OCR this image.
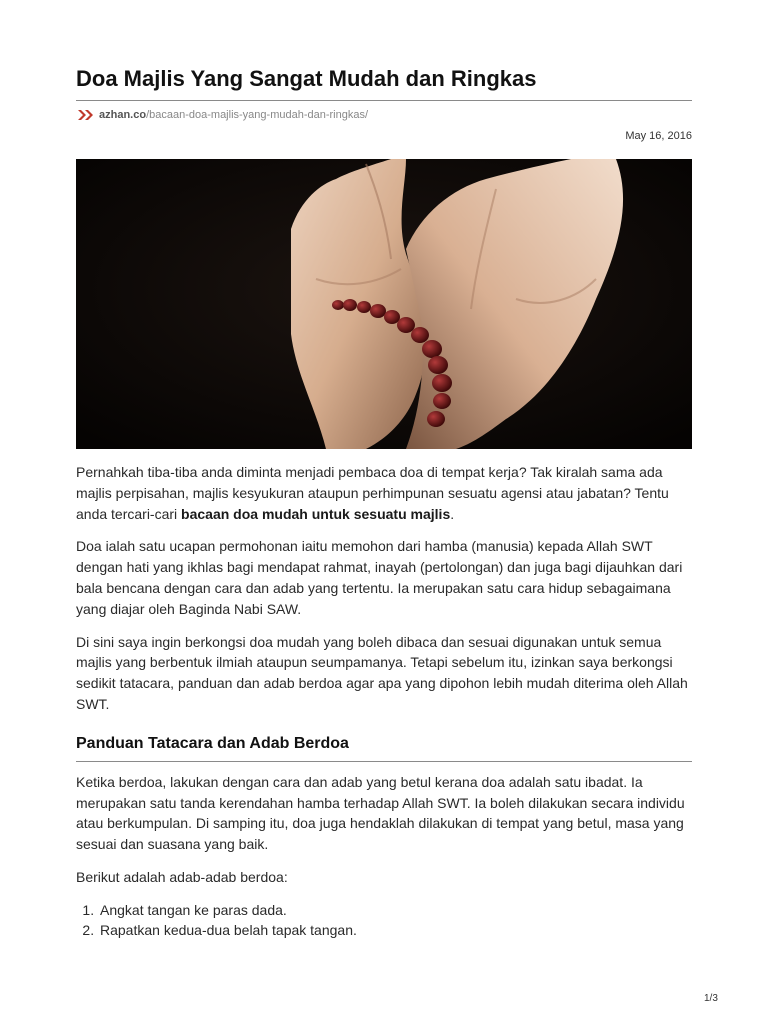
Doa Majlis Yang Sangat Mudah dan Ringkas
azhan.co/bacaan-doa-majlis-yang-mudah-dan-ringkas/
May 16, 2016

Pernahkah tiba-tiba anda diminta menjadi pembaca doa di tempat kerja? Tak kiralah sama ada majlis perpisahan, majlis kesyukuran ataupun perhimpunan sesuatu agensi atau jabatan? Tentu anda tercari-cari bacaan doa mudah untuk sesuatu majlis.

Doa ialah satu ucapan permohonan iaitu memohon dari hamba (manusia) kepada Allah SWT dengan hati yang ikhlas bagi mendapat rahmat, inayah (pertolongan) dan juga bagi dijauhkan dari bala bencana dengan cara dan adab yang tertentu. Ia merupakan satu cara hidup sebagaimana yang diajar oleh Baginda Nabi SAW.

Di sini saya ingin berkongsi doa mudah yang boleh dibaca dan sesuai digunakan untuk semua majlis yang berbentuk ilmiah ataupun seumpamanya. Tetapi sebelum itu, izinkan saya berkongsi sedikit tatacara, panduan dan adab berdoa agar apa yang dipohon lebih mudah diterima oleh Allah SWT.

Panduan Tatacara dan Adab Berdoa

Ketika berdoa, lakukan dengan cara dan adab yang betul kerana doa adalah satu ibadat. Ia merupakan satu tanda kerendahan hamba terhadap Allah SWT. Ia boleh dilakukan secara individu atau berkumpulan. Di samping itu, doa juga hendaklah dilakukan di tempat yang betul, masa yang sesuai dan suasana yang baik.

Berikut adalah adab-adab berdoa:

1. Angkat tangan ke paras dada.
2. Rapatkan kedua-dua belah tapak tangan.
1/3
